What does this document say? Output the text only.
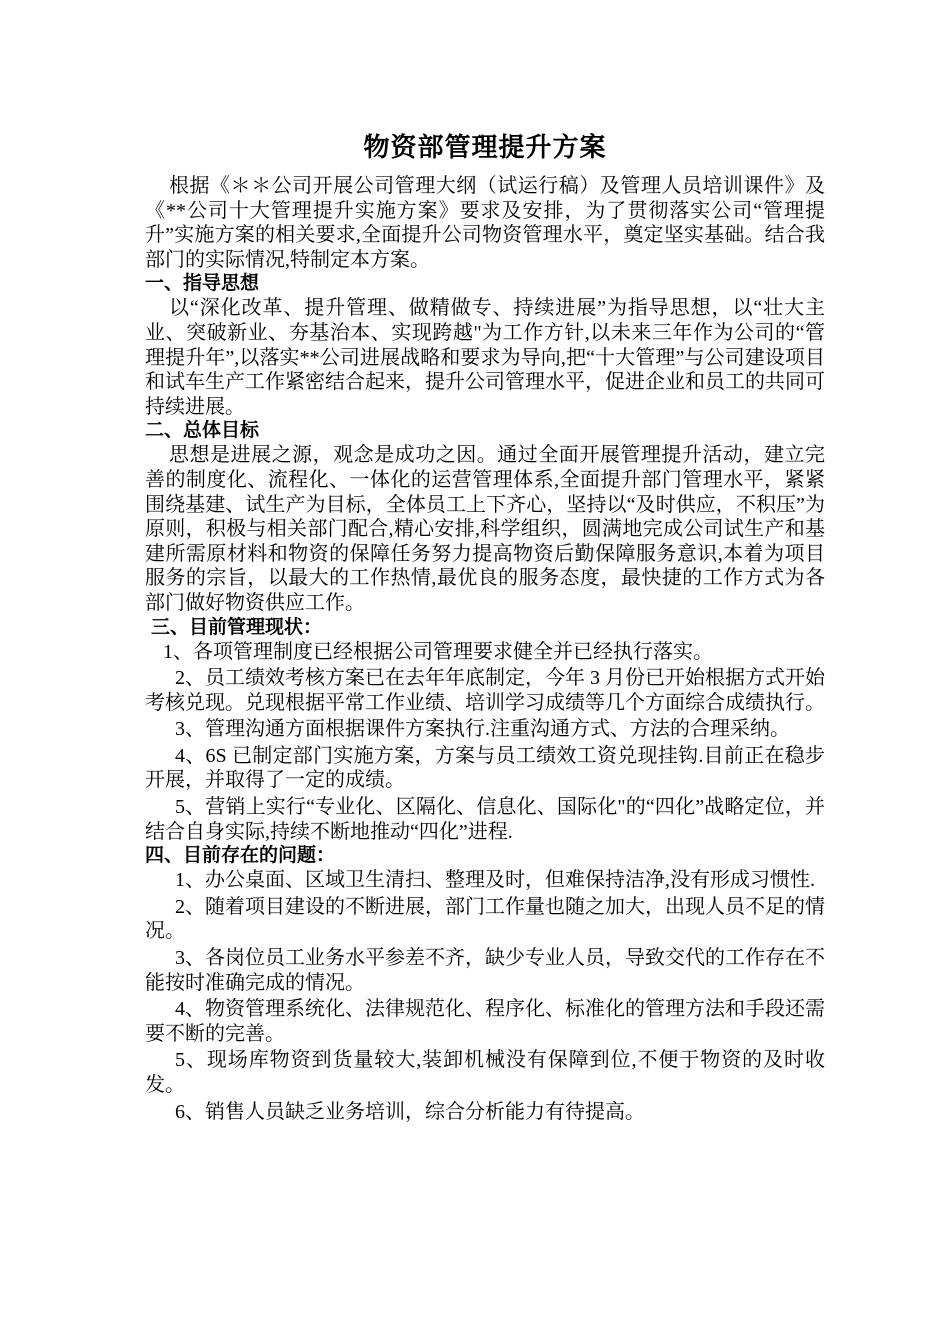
物资部管理提升方案

根据《＊＊公司开展公司管理大纲（试运行稿）及管理人员培训课件》及《**公司十大管理提升实施方案》要求及安排，为了贯彻落实公司“管理提升”实施方案的相关要求,全面提升公司物资管理水平，奠定坚实基础。结合我部门的实际情况,特制定本方案。

一、指导思想

以“深化改革、提升管理、做精做专、持续进展”为指导思想，以“壮大主业、突破新业、夯基治本、实现跨越"为工作方针,以未来三年作为公司的“管理提升年”,以落实**公司进展战略和要求为导向,把“十大管理”与公司建设项目和试车生产工作紧密结合起来，提升公司管理水平，促进企业和员工的共同可持续进展。

二、总体目标

思想是进展之源，观念是成功之因。通过全面开展管理提升活动，建立完善的制度化、流程化、一体化的运营管理体系,全面提升部门管理水平，紧紧围绕基建、试生产为目标，全体员工上下齐心，坚持以“及时供应，不积压”为原则，积极与相关部门配合,精心安排,科学组织，圆满地完成公司试生产和基建所需原材料和物资的保障任务努力提高物资后勤保障服务意识,本着为项目服务的宗旨，以最大的工作热情,最优良的服务态度，最快捷的工作方式为各部门做好物资供应工作。

三、目前管理现状：

1、各项管理制度已经根据公司管理要求健全并已经执行落实。

2、员工绩效考核方案已在去年年底制定，今年 3 月份已开始根据方式开始考核兑现。兑现根据平常工作业绩、培训学习成绩等几个方面综合成绩执行。

3、管理沟通方面根据课件方案执行.注重沟通方式、方法的合理采纳。

4、6S 已制定部门实施方案，方案与员工绩效工资兑现挂钩.目前正在稳步开展，并取得了一定的成绩。

5、营销上实行“专业化、区隔化、信息化、国际化"的“四化”战略定位，并结合自身实际,持续不断地推动“四化”进程.

四、目前存在的问题：

1、办公桌面、区域卫生清扫、整理及时，但难保持洁净,没有形成习惯性.

2、随着项目建设的不断进展，部门工作量也随之加大，出现人员不足的情况。

3、各岗位员工业务水平参差不齐，缺少专业人员，导致交代的工作存在不能按时准确完成的情况。

4、物资管理系统化、法律规范化、程序化、标准化的管理方法和手段还需要不断的完善。

5、现场库物资到货量较大,装卸机械没有保障到位,不便于物资的及时收发。

6、销售人员缺乏业务培训，综合分析能力有待提高。
